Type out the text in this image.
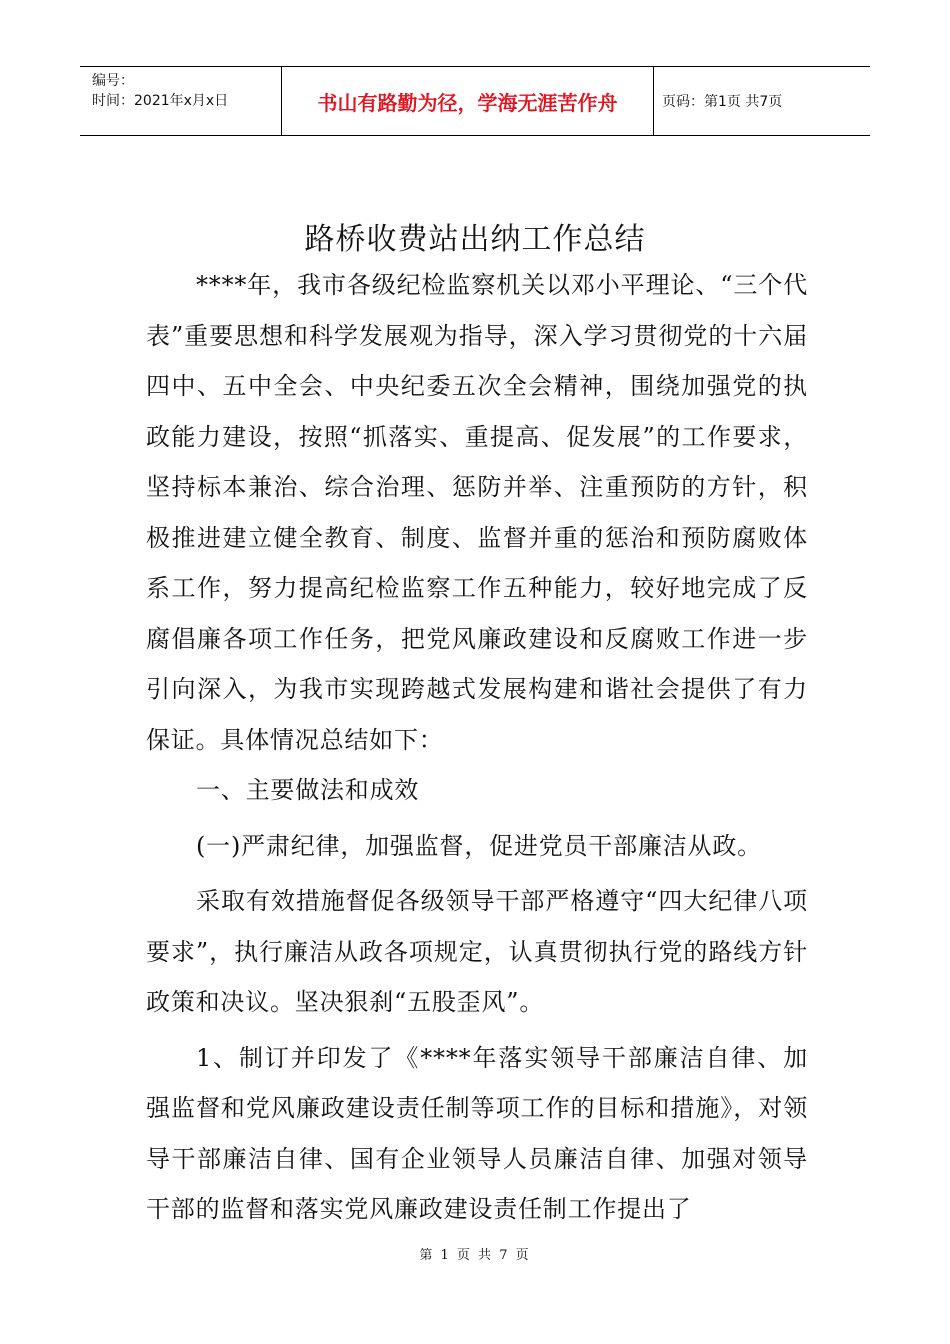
编号：
时间：2021年x月x日	书山有路勤为径，学海无涯苦作舟	页码：第1页 共7页
路桥收费站出纳工作总结

****年，我市各级纪检监察机关以邓小平理论、“三个代表”重要思想和科学发展观为指导，深入学习贯彻党的十六届四中、五中全会、中央纪委五次全会精神，围绕加强党的执政能力建设，按照“抓落实、重提高、促发展”的工作要求，坚持标本兼治、综合治理、惩防并举、注重预防的方针，积极推进建立健全教育、制度、监督并重的惩治和预防腐败体系工作，努力提高纪检监察工作五种能力，较好地完成了反腐倡廉各项工作任务，把党风廉政建设和反腐败工作进一步引向深入，为我市实现跨越式发展构建和谐社会提供了有力保证。具体情况总结如下：

一、主要做法和成效

(一)严肃纪律，加强监督，促进党员干部廉洁从政。

采取有效措施督促各级领导干部严格遵守“四大纪律八项要求”，执行廉洁从政各项规定，认真贯彻执行党的路线方针政策和决议。坚决狠刹“五股歪风”。

1、制订并印发了《****年落实领导干部廉洁自律、加强监督和党风廉政建设责任制等项工作的目标和措施》，对领导干部廉洁自律、国有企业领导人员廉洁自律、加强对领导干部的监督和落实党风廉政建设责任制工作提出了

第 1 页 共 7 页
